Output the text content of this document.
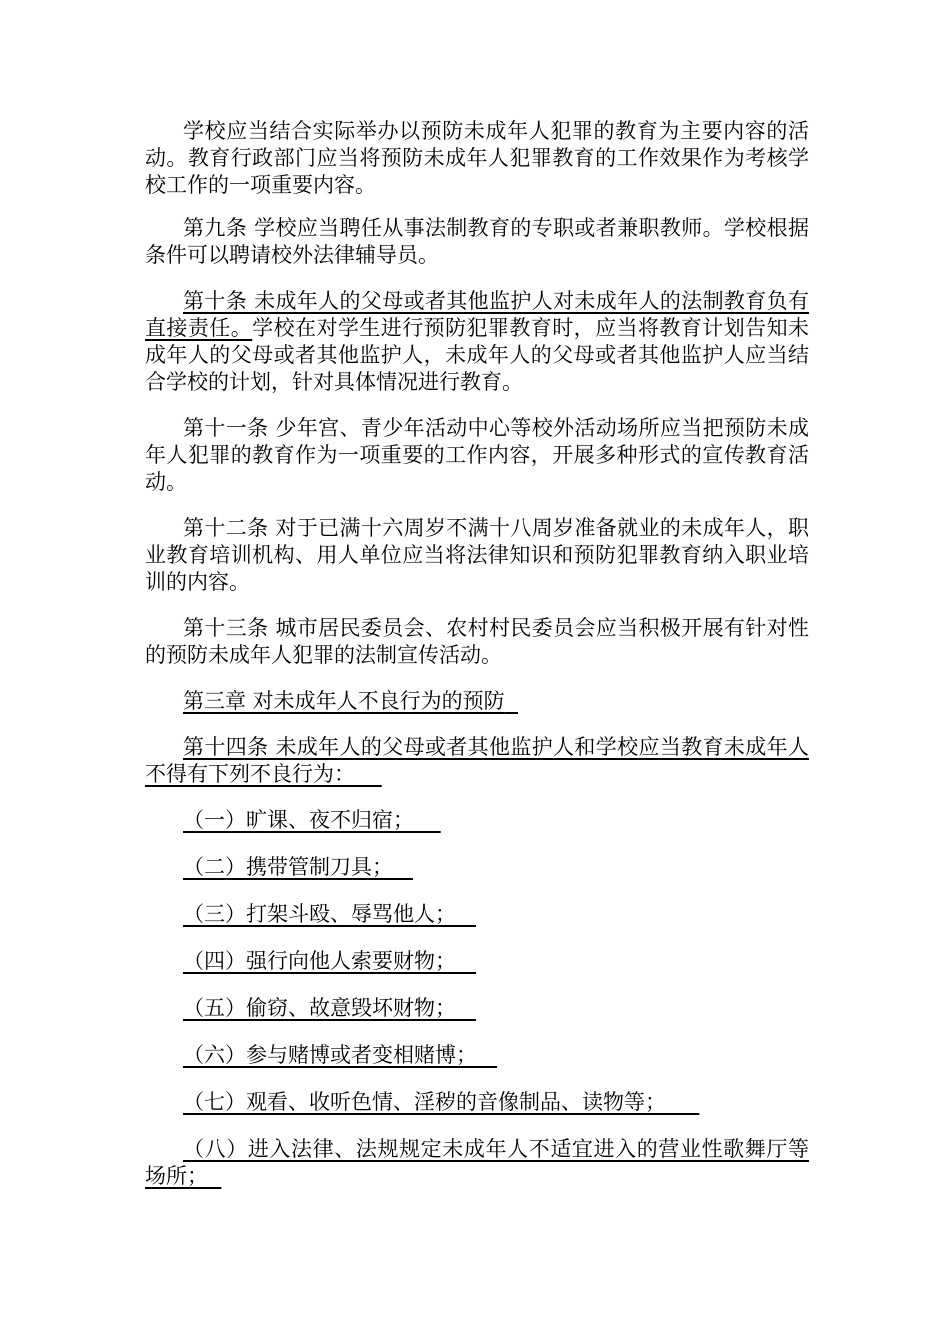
学校应当结合实际举办以预防未成年人犯罪的教育为主要内容的活动。教育行政部门应当将预防未成年人犯罪教育的工作效果作为考核学校工作的一项重要内容。

第九条 学校应当聘任从事法制教育的专职或者兼职教师。学校根据条件可以聘请校外法律辅导员。

第十条 未成年人的父母或者其他监护人对未成年人的法制教育负有直接责任。学校在对学生进行预防犯罪教育时，应当将教育计划告知未成年人的父母或者其他监护人，未成年人的父母或者其他监护人应当结合学校的计划，针对具体情况进行教育。

第十一条 少年宫、青少年活动中心等校外活动场所应当把预防未成年人犯罪的教育作为一项重要的工作内容，开展多种形式的宣传教育活动。

第十二条 对于已满十六周岁不满十八周岁准备就业的未成年人，职业教育培训机构、用人单位应当将法律知识和预防犯罪教育纳入职业培训的内容。

第十三条 城市居民委员会、农村村民委员会应当积极开展有针对性的预防未成年人犯罪的法制宣传活动。

第三章 对未成年人不良行为的预防

第十四条 未成年人的父母或者其他监护人和学校应当教育未成年人不得有下列不良行为：

（一）旷课、夜不归宿；
（二）携带管制刀具；
（三）打架斗殴、辱骂他人；
（四）强行向他人索要财物；
（五）偷窃、故意毁坏财物；
（六）参与赌博或者变相赌博；
（七）观看、收听色情、淫秽的音像制品、读物等；

（八）进入法律、法规规定未成年人不适宜进入的营业性歌舞厅等场所；
